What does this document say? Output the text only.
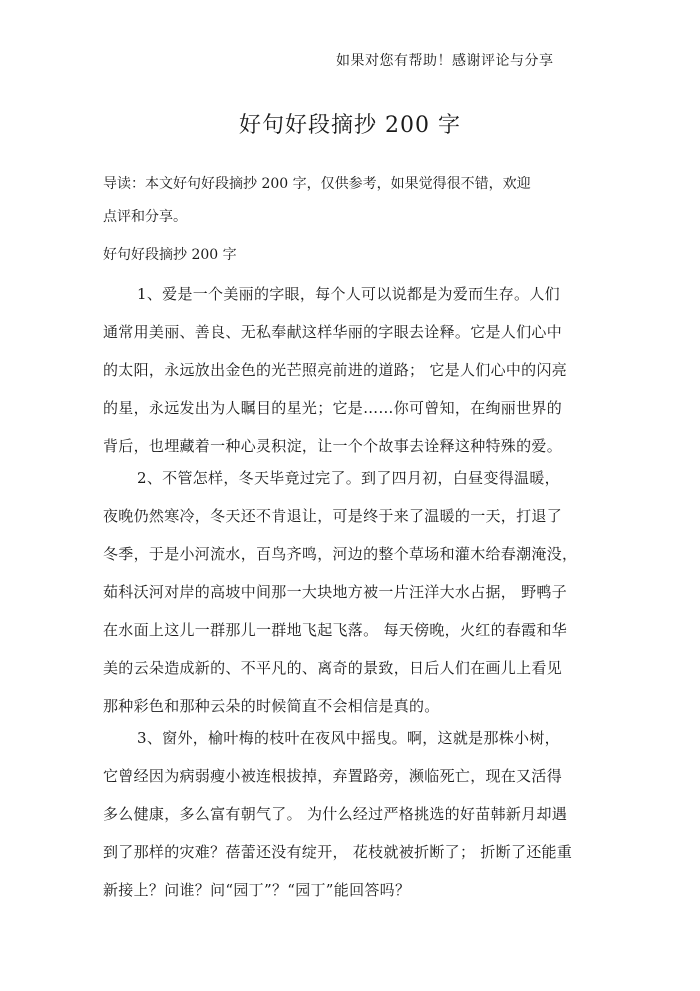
如果对您有帮助！感谢评论与分享
好句好段摘抄 200 字
导读：本文好句好段摘抄 200 字，仅供参考，如果觉得很不错，欢迎
点评和分享。
好句好段摘抄 200 字
1、爱是一个美丽的字眼，每个人可以说都是为爱而生存。人们
通常用美丽、善良、无私奉献这样华丽的字眼去诠释。它是人们心中
的太阳，永远放出金色的光芒照亮前进的道路； 它是人们心中的闪亮
的星，永远发出为人瞩目的星光；它是……你可曾知，在绚丽世界的
背后，也埋藏着一种心灵积淀，让一个个故事去诠释这种特殊的爱。
2、不管怎样，冬天毕竟过完了。到了四月初，白昼变得温暖，
夜晚仍然寒冷，冬天还不肯退让，可是终于来了温暖的一天，打退了
冬季，于是小河流水，百鸟齐鸣，河边的整个草场和灌木给春潮淹没，
茹科沃河对岸的高坡中间那一大块地方被一片汪洋大水占据， 野鸭子
在水面上这儿一群那儿一群地飞起飞落。 每天傍晚，火红的春霞和华
美的云朵造成新的、不平凡的、离奇的景致，日后人们在画儿上看见
那种彩色和那种云朵的时候简直不会相信是真的。
3、窗外，榆叶梅的枝叶在夜风中摇曳。啊，这就是那株小树，
它曾经因为病弱瘦小被连根拔掉，弃置路旁，濒临死亡，现在又活得
多么健康，多么富有朝气了。 为什么经过严格挑选的好苗韩新月却遇
到了那样的灾难？蓓蕾还没有绽开， 花枝就被折断了； 折断了还能重
新接上？问谁？问“园丁”？“园丁”能回答吗？
